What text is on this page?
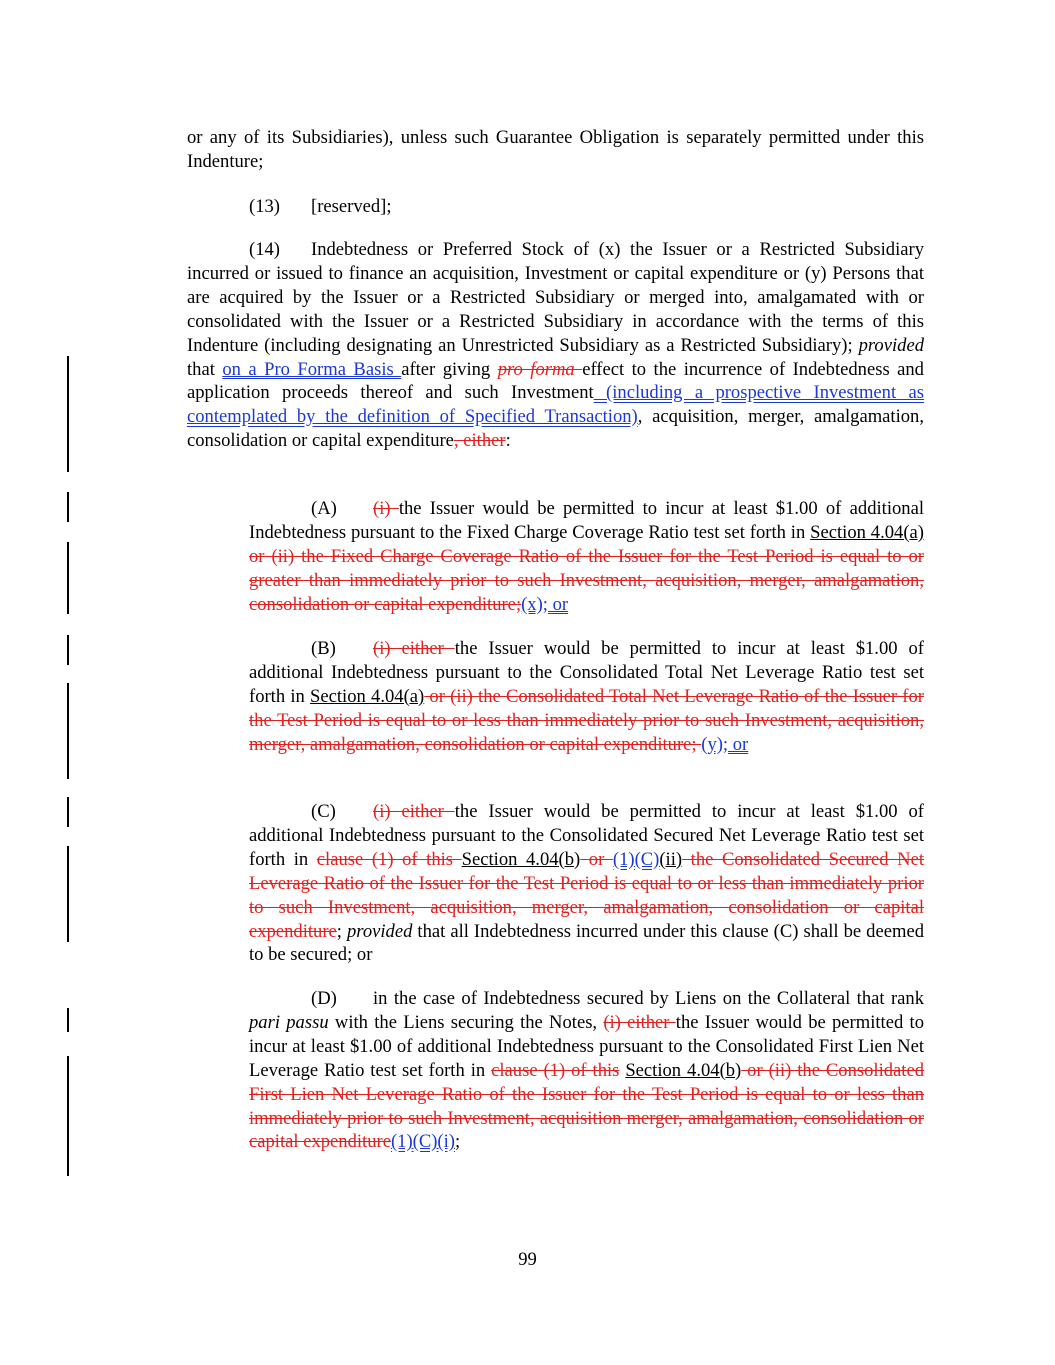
or any of its Subsidiaries), unless such Guarantee Obligation is separately permitted under this Indenture;
(13) [reserved];
(14) Indebtedness or Preferred Stock of (x) the Issuer or a Restricted Subsidiary incurred or issued to finance an acquisition, Investment or capital expenditure or (y) Persons that are acquired by the Issuer or a Restricted Subsidiary or merged into, amalgamated with or consolidated with the Issuer or a Restricted Subsidiary in accordance with the terms of this Indenture (including designating an Unrestricted Subsidiary as a Restricted Subsidiary); provided that on a Pro Forma Basis after giving pro forma effect to the incurrence of Indebtedness and application proceeds thereof and such Investment (including a prospective Investment as contemplated by the definition of Specified Transaction), acquisition, merger, amalgamation, consolidation or capital expenditure, either:
(A) (i) the Issuer would be permitted to incur at least $1.00 of additional Indebtedness pursuant to the Fixed Charge Coverage Ratio test set forth in Section 4.04(a) or (ii) the Fixed Charge Coverage Ratio of the Issuer for the Test Period is equal to or greater than immediately prior to such Investment, acquisition, merger, amalgamation, consolidation or capital expenditure;(x); or
(B) (i) either the Issuer would be permitted to incur at least $1.00 of additional Indebtedness pursuant to the Consolidated Total Net Leverage Ratio test set forth in Section 4.04(a) or (ii) the Consolidated Total Net Leverage Ratio of the Issuer for the Test Period is equal to or less than immediately prior to such Investment, acquisition, merger, amalgamation, consolidation or capital expenditure; (y); or
(C) (i) either the Issuer would be permitted to incur at least $1.00 of additional Indebtedness pursuant to the Consolidated Secured Net Leverage Ratio test set forth in clause (1) of this Section 4.04(b) or (1)(C)(ii) the Consolidated Secured Net Leverage Ratio of the Issuer for the Test Period is equal to or less than immediately prior to such Investment, acquisition, merger, amalgamation, consolidation or capital expenditure; provided that all Indebtedness incurred under this clause (C) shall be deemed to be secured; or
(D) in the case of Indebtedness secured by Liens on the Collateral that rank pari passu with the Liens securing the Notes, (i) either the Issuer would be permitted to incur at least $1.00 of additional Indebtedness pursuant to the Consolidated First Lien Net Leverage Ratio test set forth in clause (1) of this Section 4.04(b) or (ii) the Consolidated First Lien Net Leverage Ratio of the Issuer for the Test Period is equal to or less than immediately prior to such Investment, acquisition merger, amalgamation, consolidation or capital expenditure(1)(C)(i);
99
